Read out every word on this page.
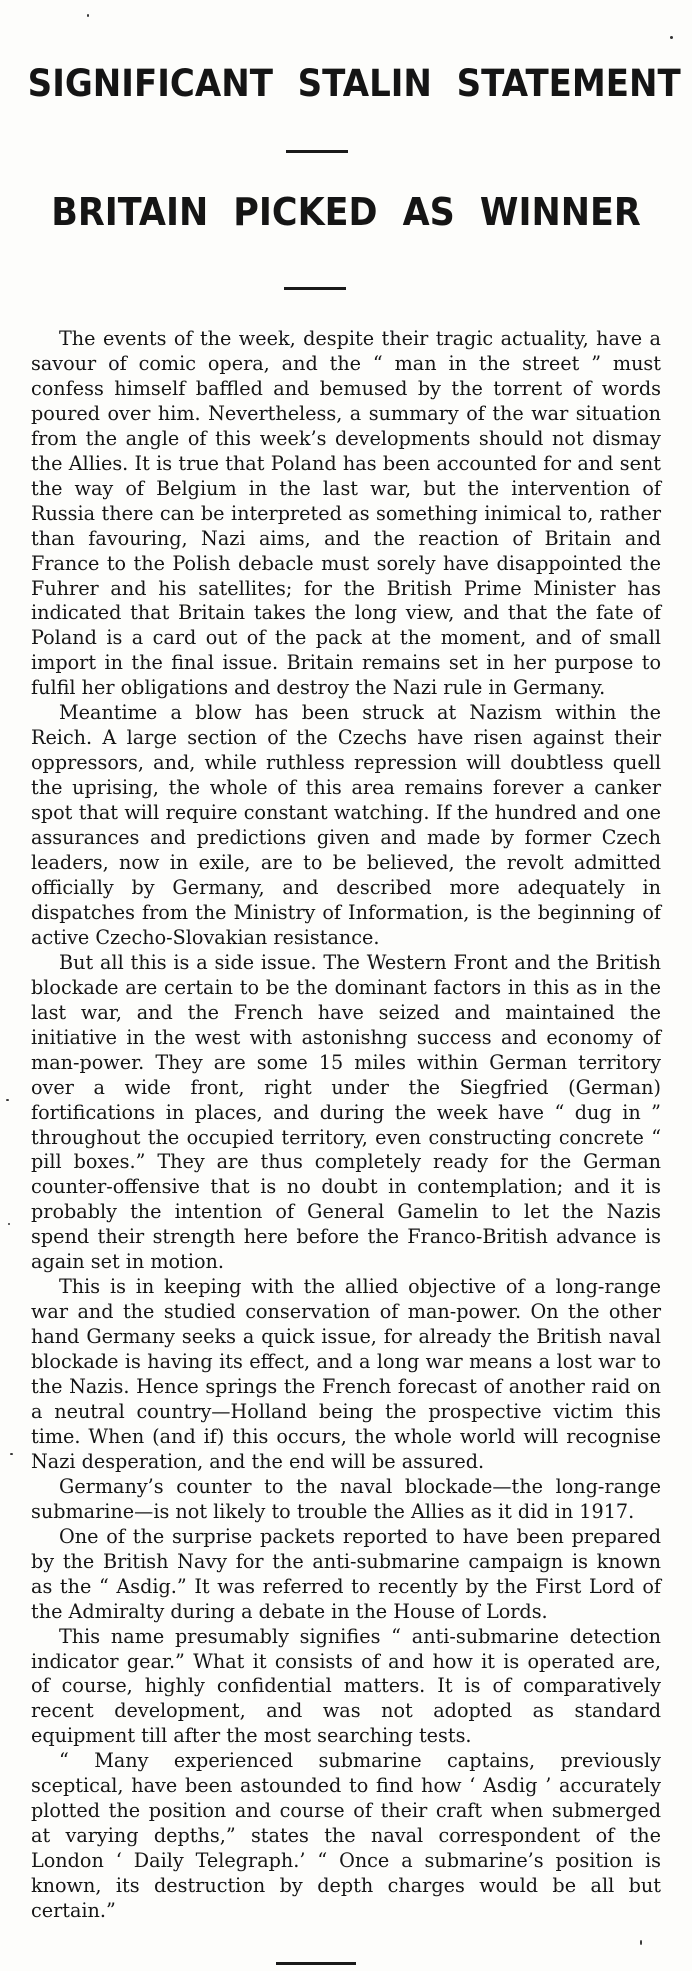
SIGNIFICANT STALIN STATEMENT
BRITAIN PICKED AS WINNER

The events of the week, despite their tragic actuality, have a savour of comic opera, and the “ man in the street ” must confess himself baffled and bemused by the torrent of words poured over him. Nevertheless, a summary of the war situation from the angle of this week’s developments should not dismay the Allies. It is true that Poland has been accounted for and sent the way of Belgium in the last war, but the intervention of Russia there can be interpreted as something inimical to, rather than favouring, Nazi aims, and the reaction of Britain and France to the Polish debacle must sorely have disappointed the Fuhrer and his satellites; for the British Prime Minister has indicated that Britain takes the long view, and that the fate of Poland is a card out of the pack at the moment, and of small import in the final issue. Britain remains set in her purpose to fulfil her obligations and destroy the Nazi rule in Germany.

Meantime a blow has been struck at Nazism within the Reich. A large section of the Czechs have risen against their oppressors, and, while ruthless repression will doubtless quell the uprising, the whole of this area remains forever a canker spot that will require constant watching. If the hundred and one assurances and predictions given and made by former Czech leaders, now in exile, are to be believed, the revolt admitted officially by Germany, and described more adequately in dispatches from the Ministry of Information, is the beginning of active Czecho-Slovakian resistance.

But all this is a side issue. The Western Front and the British blockade are certain to be the dominant factors in this as in the last war, and the French have seized and maintained the initiative in the west with astonishng success and economy of man-power. They are some 15 miles within German territory over a wide front, right under the Siegfried (German) fortifications in places, and during the week have “ dug in ” throughout the occupied territory, even constructing concrete “ pill boxes.” They are thus completely ready for the German counter-offensive that is no doubt in contemplation; and it is probably the intention of General Gamelin to let the Nazis spend their strength here before the Franco-British advance is again set in motion.

This is in keeping with the allied objective of a long-range war and the studied conservation of man-power. On the other hand Germany seeks a quick issue, for already the British naval blockade is having its effect, and a long war means a lost war to the Nazis. Hence springs the French forecast of another raid on a neutral country—Holland being the prospective victim this time. When (and if) this occurs, the whole world will recognise Nazi desperation, and the end will be assured.

Germany’s counter to the naval blockade—the long-range submarine—is not likely to trouble the Allies as it did in 1917.

One of the surprise packets reported to have been prepared by the British Navy for the anti-submarine campaign is known as the “ Asdig.” It was referred to recently by the First Lord of the Admiralty during a debate in the House of Lords.

This name presumably signifies “ anti-submarine detection indicator gear.” What it consists of and how it is operated are, of course, highly confidential matters. It is of comparatively recent development, and was not adopted as standard equipment till after the most searching tests.

“ Many experienced submarine captains, previously sceptical, have been astounded to find how ‘ Asdig ’ accurately plotted the position and course of their craft when submerged at varying depths,” states the naval correspondent of the London ‘ Daily Telegraph.’ “ Once a submarine’s position is known, its destruction by depth charges would be all but certain.”
